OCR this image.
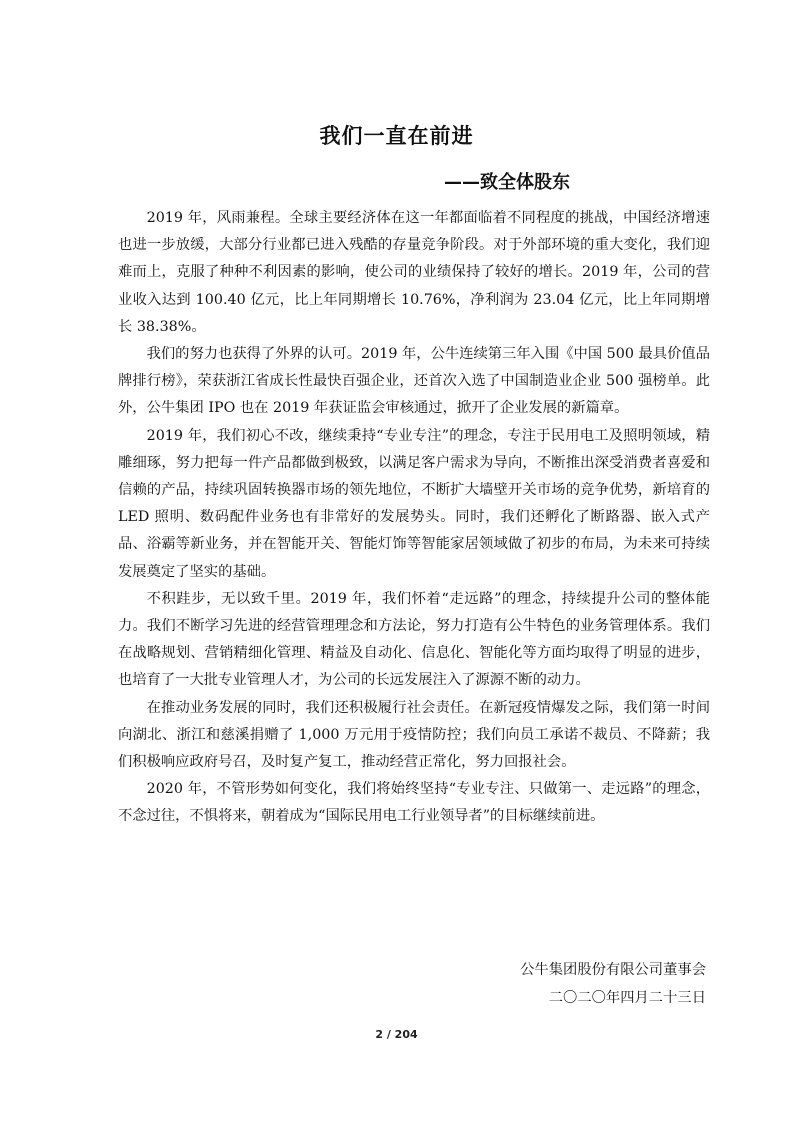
我们一直在前进
——致全体股东

2019 年，风雨兼程。全球主要经济体在这一年都面临着不同程度的挑战，中国经济增速也进一步放缓，大部分行业都已进入残酷的存量竞争阶段。对于外部环境的重大变化，我们迎难而上，克服了种种不利因素的影响，使公司的业绩保持了较好的增长。2019 年，公司的营业收入达到 100.40 亿元，比上年同期增长 10.76%，净利润为 23.04 亿元，比上年同期增长 38.38%。

我们的努力也获得了外界的认可。2019 年，公牛连续第三年入围《中国 500 最具价值品牌排行榜》，荣获浙江省成长性最快百强企业，还首次入选了中国制造业企业 500 强榜单。此外，公牛集团 IPO 也在 2019 年获证监会审核通过，掀开了企业发展的新篇章。

2019 年，我们初心不改，继续秉持“专业专注”的理念，专注于民用电工及照明领域，精雕细琢，努力把每一件产品都做到极致，以满足客户需求为导向，不断推出深受消费者喜爱和信赖的产品，持续巩固转换器市场的领先地位，不断扩大墙壁开关市场的竞争优势，新培育的 LED 照明、数码配件业务也有非常好的发展势头。同时，我们还孵化了断路器、嵌入式产品、浴霸等新业务，并在智能开关、智能灯饰等智能家居领域做了初步的布局，为未来可持续发展奠定了坚实的基础。

不积跬步，无以致千里。2019 年，我们怀着“走远路”的理念，持续提升公司的整体能力。我们不断学习先进的经营管理理念和方法论，努力打造有公牛特色的业务管理体系。我们在战略规划、营销精细化管理、精益及自动化、信息化、智能化等方面均取得了明显的进步，也培育了一大批专业管理人才，为公司的长远发展注入了源源不断的动力。

在推动业务发展的同时，我们还积极履行社会责任。在新冠疫情爆发之际，我们第一时间向湖北、浙江和慈溪捐赠了 1,000 万元用于疫情防控；我们向员工承诺不裁员、不降薪；我们积极响应政府号召，及时复产复工，推动经营正常化，努力回报社会。

2020 年，不管形势如何变化，我们将始终坚持“专业专注、只做第一、走远路”的理念，不念过往，不惧将来，朝着成为“国际民用电工行业领导者”的目标继续前进。

公牛集团股份有限公司董事会
二〇二〇年四月二十三日
2 / 204
